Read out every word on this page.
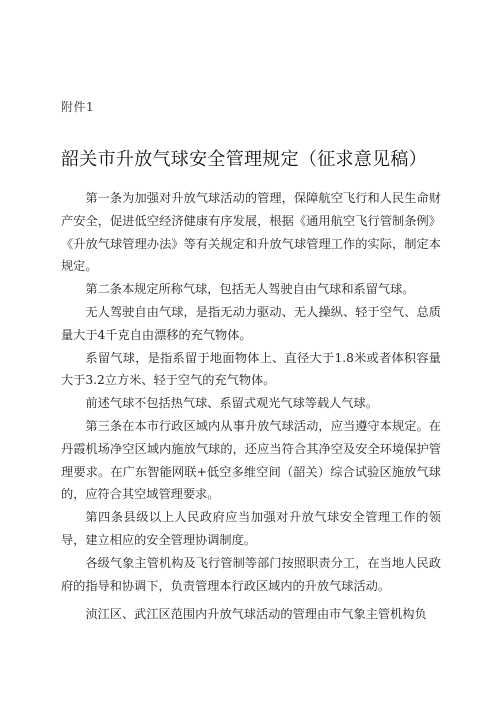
附件1
韶关市升放气球安全管理规定（征求意见稿）

第一条为加强对升放气球活动的管理，保障航空飞行和人民生命财产安全，促进低空经济健康有序发展，根据《通用航空飞行管制条例》《升放气球管理办法》等有关规定和升放气球管理工作的实际，制定本规定。

第二条本规定所称气球，包括无人驾驶自由气球和系留气球。

无人驾驶自由气球，是指无动力驱动、无人操纵、轻于空气、总质量大于4千克自由漂移的充气物体。

系留气球，是指系留于地面物体上、直径大于1.8米或者体积容量大于3.2立方米、轻于空气的充气物体。

前述气球不包括热气球、系留式观光气球等载人气球。

第三条在本市行政区域内从事升放气球活动，应当遵守本规定。在丹霞机场净空区域内施放气球的，还应当符合其净空及安全环境保护管理要求。在广东智能网联+低空多维空间（韶关）综合试验区施放气球的，应符合其空域管理要求。

第四条县级以上人民政府应当加强对升放气球安全管理工作的领导，建立相应的安全管理协调制度。

各级气象主管机构及飞行管制等部门按照职责分工，在当地人民政府的指导和协调下，负责管理本行政区域内的升放气球活动。

浈江区、武江区范围内升放气球活动的管理由市气象主管机构负
